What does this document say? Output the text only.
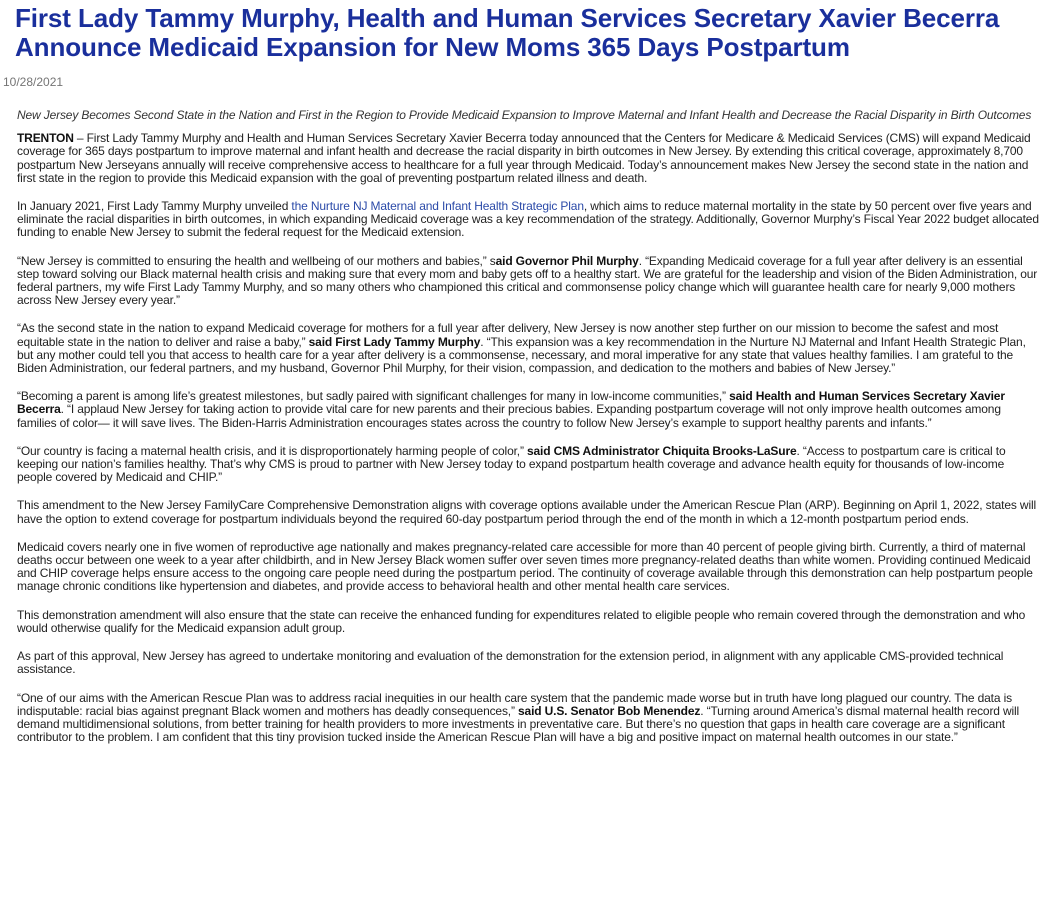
First Lady Tammy Murphy, Health and Human Services Secretary Xavier Becerra Announce Medicaid Expansion for New Moms 365 Days Postpartum
10/28/2021

New Jersey Becomes Second State in the Nation and First in the Region to Provide Medicaid Expansion to Improve Maternal and Infant Health and Decrease the Racial Disparity in Birth Outcomes

TRENTON – First Lady Tammy Murphy and Health and Human Services Secretary Xavier Becerra today announced that the Centers for Medicare & Medicaid Services (CMS) will expand Medicaid coverage for 365 days postpartum to improve maternal and infant health and decrease the racial disparity in birth outcomes in New Jersey. By extending this critical coverage, approximately 8,700 postpartum New Jerseyans annually will receive comprehensive access to healthcare for a full year through Medicaid. Today’s announcement makes New Jersey the second state in the nation and first state in the region to provide this Medicaid expansion with the goal of preventing postpartum related illness and death.

In January 2021, First Lady Tammy Murphy unveiled the Nurture NJ Maternal and Infant Health Strategic Plan, which aims to reduce maternal mortality in the state by 50 percent over five years and eliminate the racial disparities in birth outcomes, in which expanding Medicaid coverage was a key recommendation of the strategy. Additionally, Governor Murphy’s Fiscal Year 2022 budget allocated funding to enable New Jersey to submit the federal request for the Medicaid extension.

“New Jersey is committed to ensuring the health and wellbeing of our mothers and babies,” said Governor Phil Murphy. “Expanding Medicaid coverage for a full year after delivery is an essential step toward solving our Black maternal health crisis and making sure that every mom and baby gets off to a healthy start. We are grateful for the leadership and vision of the Biden Administration, our federal partners, my wife First Lady Tammy Murphy, and so many others who championed this critical and commonsense policy change which will guarantee health care for nearly 9,000 mothers across New Jersey every year.”

“As the second state in the nation to expand Medicaid coverage for mothers for a full year after delivery, New Jersey is now another step further on our mission to become the safest and most equitable state in the nation to deliver and raise a baby,” said First Lady Tammy Murphy. “This expansion was a key recommendation in the Nurture NJ Maternal and Infant Health Strategic Plan, but any mother could tell you that access to health care for a year after delivery is a commonsense, necessary, and moral imperative for any state that values healthy families. I am grateful to the Biden Administration, our federal partners, and my husband, Governor Phil Murphy, for their vision, compassion, and dedication to the mothers and babies of New Jersey.”

“Becoming a parent is among life’s greatest milestones, but sadly paired with significant challenges for many in low-income communities,” said Health and Human Services Secretary Xavier Becerra. “I applaud New Jersey for taking action to provide vital care for new parents and their precious babies. Expanding postpartum coverage will not only improve health outcomes among families of color— it will save lives. The Biden-Harris Administration encourages states across the country to follow New Jersey’s example to support healthy parents and infants.”

“Our country is facing a maternal health crisis, and it is disproportionately harming people of color,” said CMS Administrator Chiquita Brooks-LaSure. “Access to postpartum care is critical to keeping our nation’s families healthy. That’s why CMS is proud to partner with New Jersey today to expand postpartum health coverage and advance health equity for thousands of low-income people covered by Medicaid and CHIP.”

This amendment to the New Jersey FamilyCare Comprehensive Demonstration aligns with coverage options available under the American Rescue Plan (ARP). Beginning on April 1, 2022, states will have the option to extend coverage for postpartum individuals beyond the required 60-day postpartum period through the end of the month in which a 12-month postpartum period ends.

Medicaid covers nearly one in five women of reproductive age nationally and makes pregnancy-related care accessible for more than 40 percent of people giving birth. Currently, a third of maternal deaths occur between one week to a year after childbirth, and in New Jersey Black women suffer over seven times more pregnancy-related deaths than white women. Providing continued Medicaid and CHIP coverage helps ensure access to the ongoing care people need during the postpartum period. The continuity of coverage available through this demonstration can help postpartum people manage chronic conditions like hypertension and diabetes, and provide access to behavioral health and other mental health care services.

This demonstration amendment will also ensure that the state can receive the enhanced funding for expenditures related to eligible people who remain covered through the demonstration and who would otherwise qualify for the Medicaid expansion adult group.

As part of this approval, New Jersey has agreed to undertake monitoring and evaluation of the demonstration for the extension period, in alignment with any applicable CMS-provided technical assistance.

“One of our aims with the American Rescue Plan was to address racial inequities in our health care system that the pandemic made worse but in truth have long plagued our country. The data is indisputable: racial bias against pregnant Black women and mothers has deadly consequences,” said U.S. Senator Bob Menendez. “Turning around America’s dismal maternal health record will demand multidimensional solutions, from better training for health providers to more investments in preventative care. But there’s no question that gaps in health care coverage are a significant contributor to the problem. I am confident that this tiny provision tucked inside the American Rescue Plan will have a big and positive impact on maternal health outcomes in our state.”
